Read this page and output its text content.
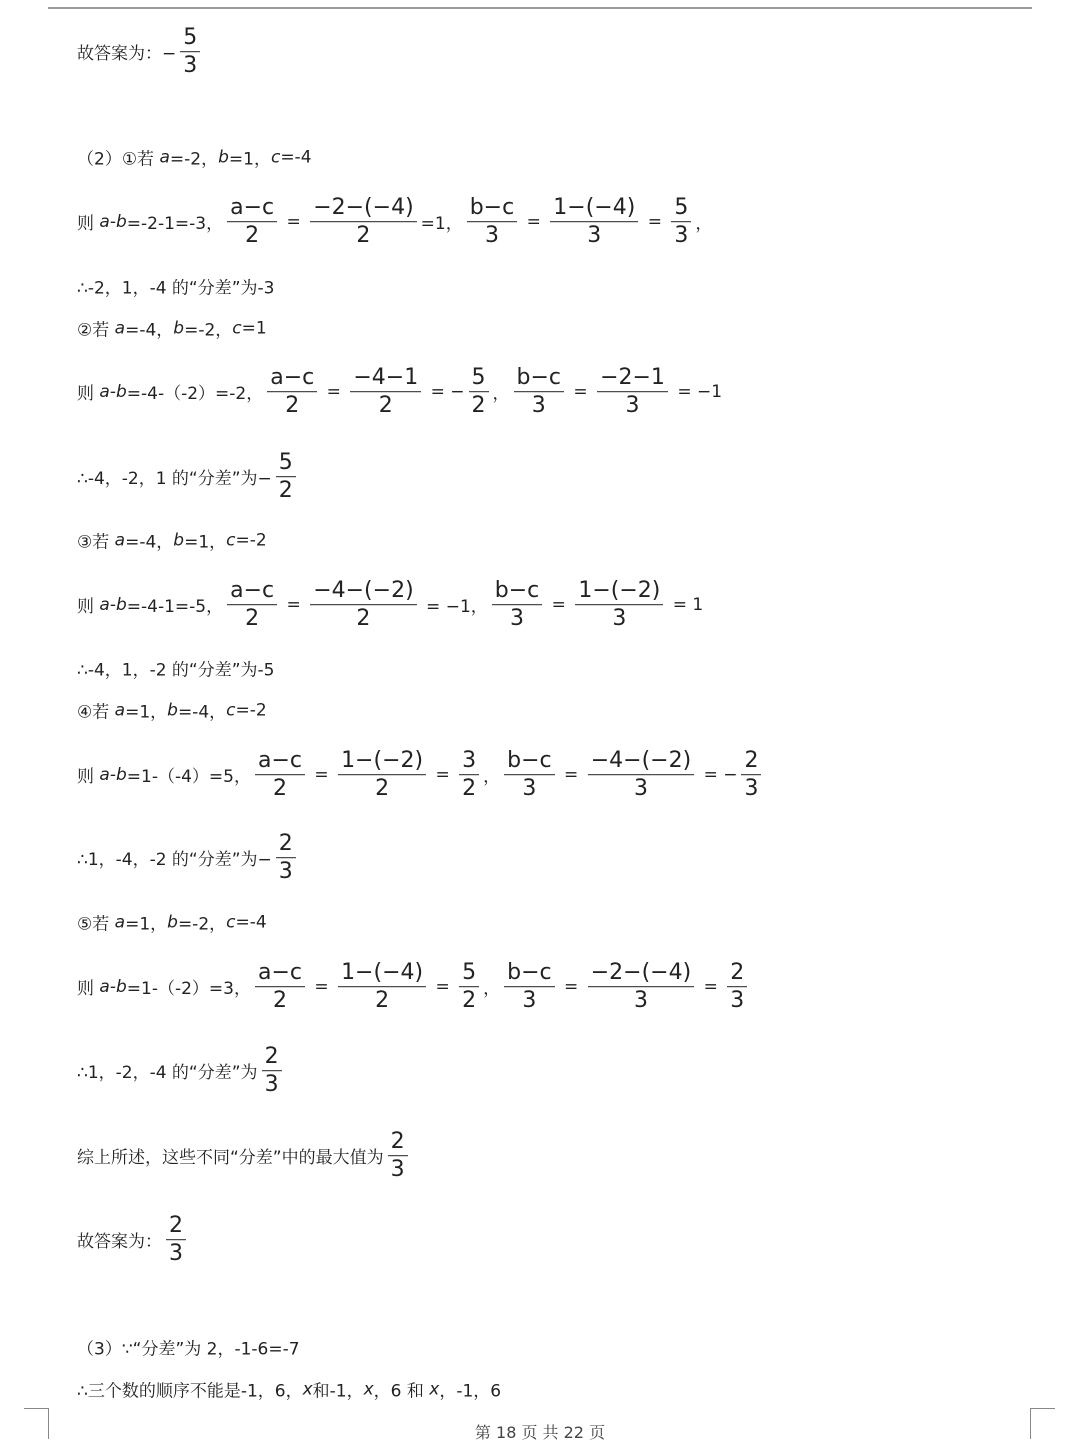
故答案为：− $\frac{5}{3}$
（2）①若 a =-2， b =1， c =-4
则 a - b =-2-1=-3， $\frac{a-c}{2} = \frac{-2-(-4)}{2} =1$， $\frac{b-c}{3} = \frac{1-(-4)}{3} = \frac{5}{3}$ ，
∴-2，1，-4 的“分差”为-3
②若 a =-4， b =-2， c =1
则 a - b =-4-（-2）=-2， $\frac{a-c}{2} = \frac{-4-1}{2}$ = − $\frac{5}{2}$ ， $\frac{b-c}{3} = \frac{-2-1}{3} = -1$
∴-4，-2，1 的“分差”为− $\frac{5}{2}$
③若 a =-4， b =1， c =-2
则 a - b =-4-1=-5， $\frac{a-c}{2} = \frac{-4-(-2)}{2} = -1$， $\frac{b-c}{3} = \frac{1-(-2)}{3} = 1$
∴-4，1，-2 的“分差”为-5
④若 a =1， b =-4， c =-2
则 a - b =1-（-4）=5， $\frac{a-c}{2} = \frac{1-(-2)}{2} = \frac{3}{2}$ ， $\frac{b-c}{3} = \frac{-4-(-2)}{3}$ = − $\frac{2}{3}$
∴1，-4，-2 的“分差”为− $\frac{2}{3}$
⑤若 a =1， b =-2， c =-4
则 a - b =1-（-2）=3， $\frac{a-c}{2} = \frac{1-(-4)}{2} = \frac{5}{2}$ ， $\frac{b-c}{3} = \frac{-2-(-4)}{3} = \frac{2}{3}$
∴1，-2，-4 的“分差”为 $\frac{2}{3}$
综上所述，这些不同“分差”中的最大值为 $\frac{2}{3}$
故答案为： $\frac{2}{3}$
（3）∵“分差”为 2，-1-6=-7
∴三个数的顺序不能是-1，6， x 和-1， x ，6 和 x ，-1，6
第 18 页 共 22 页
